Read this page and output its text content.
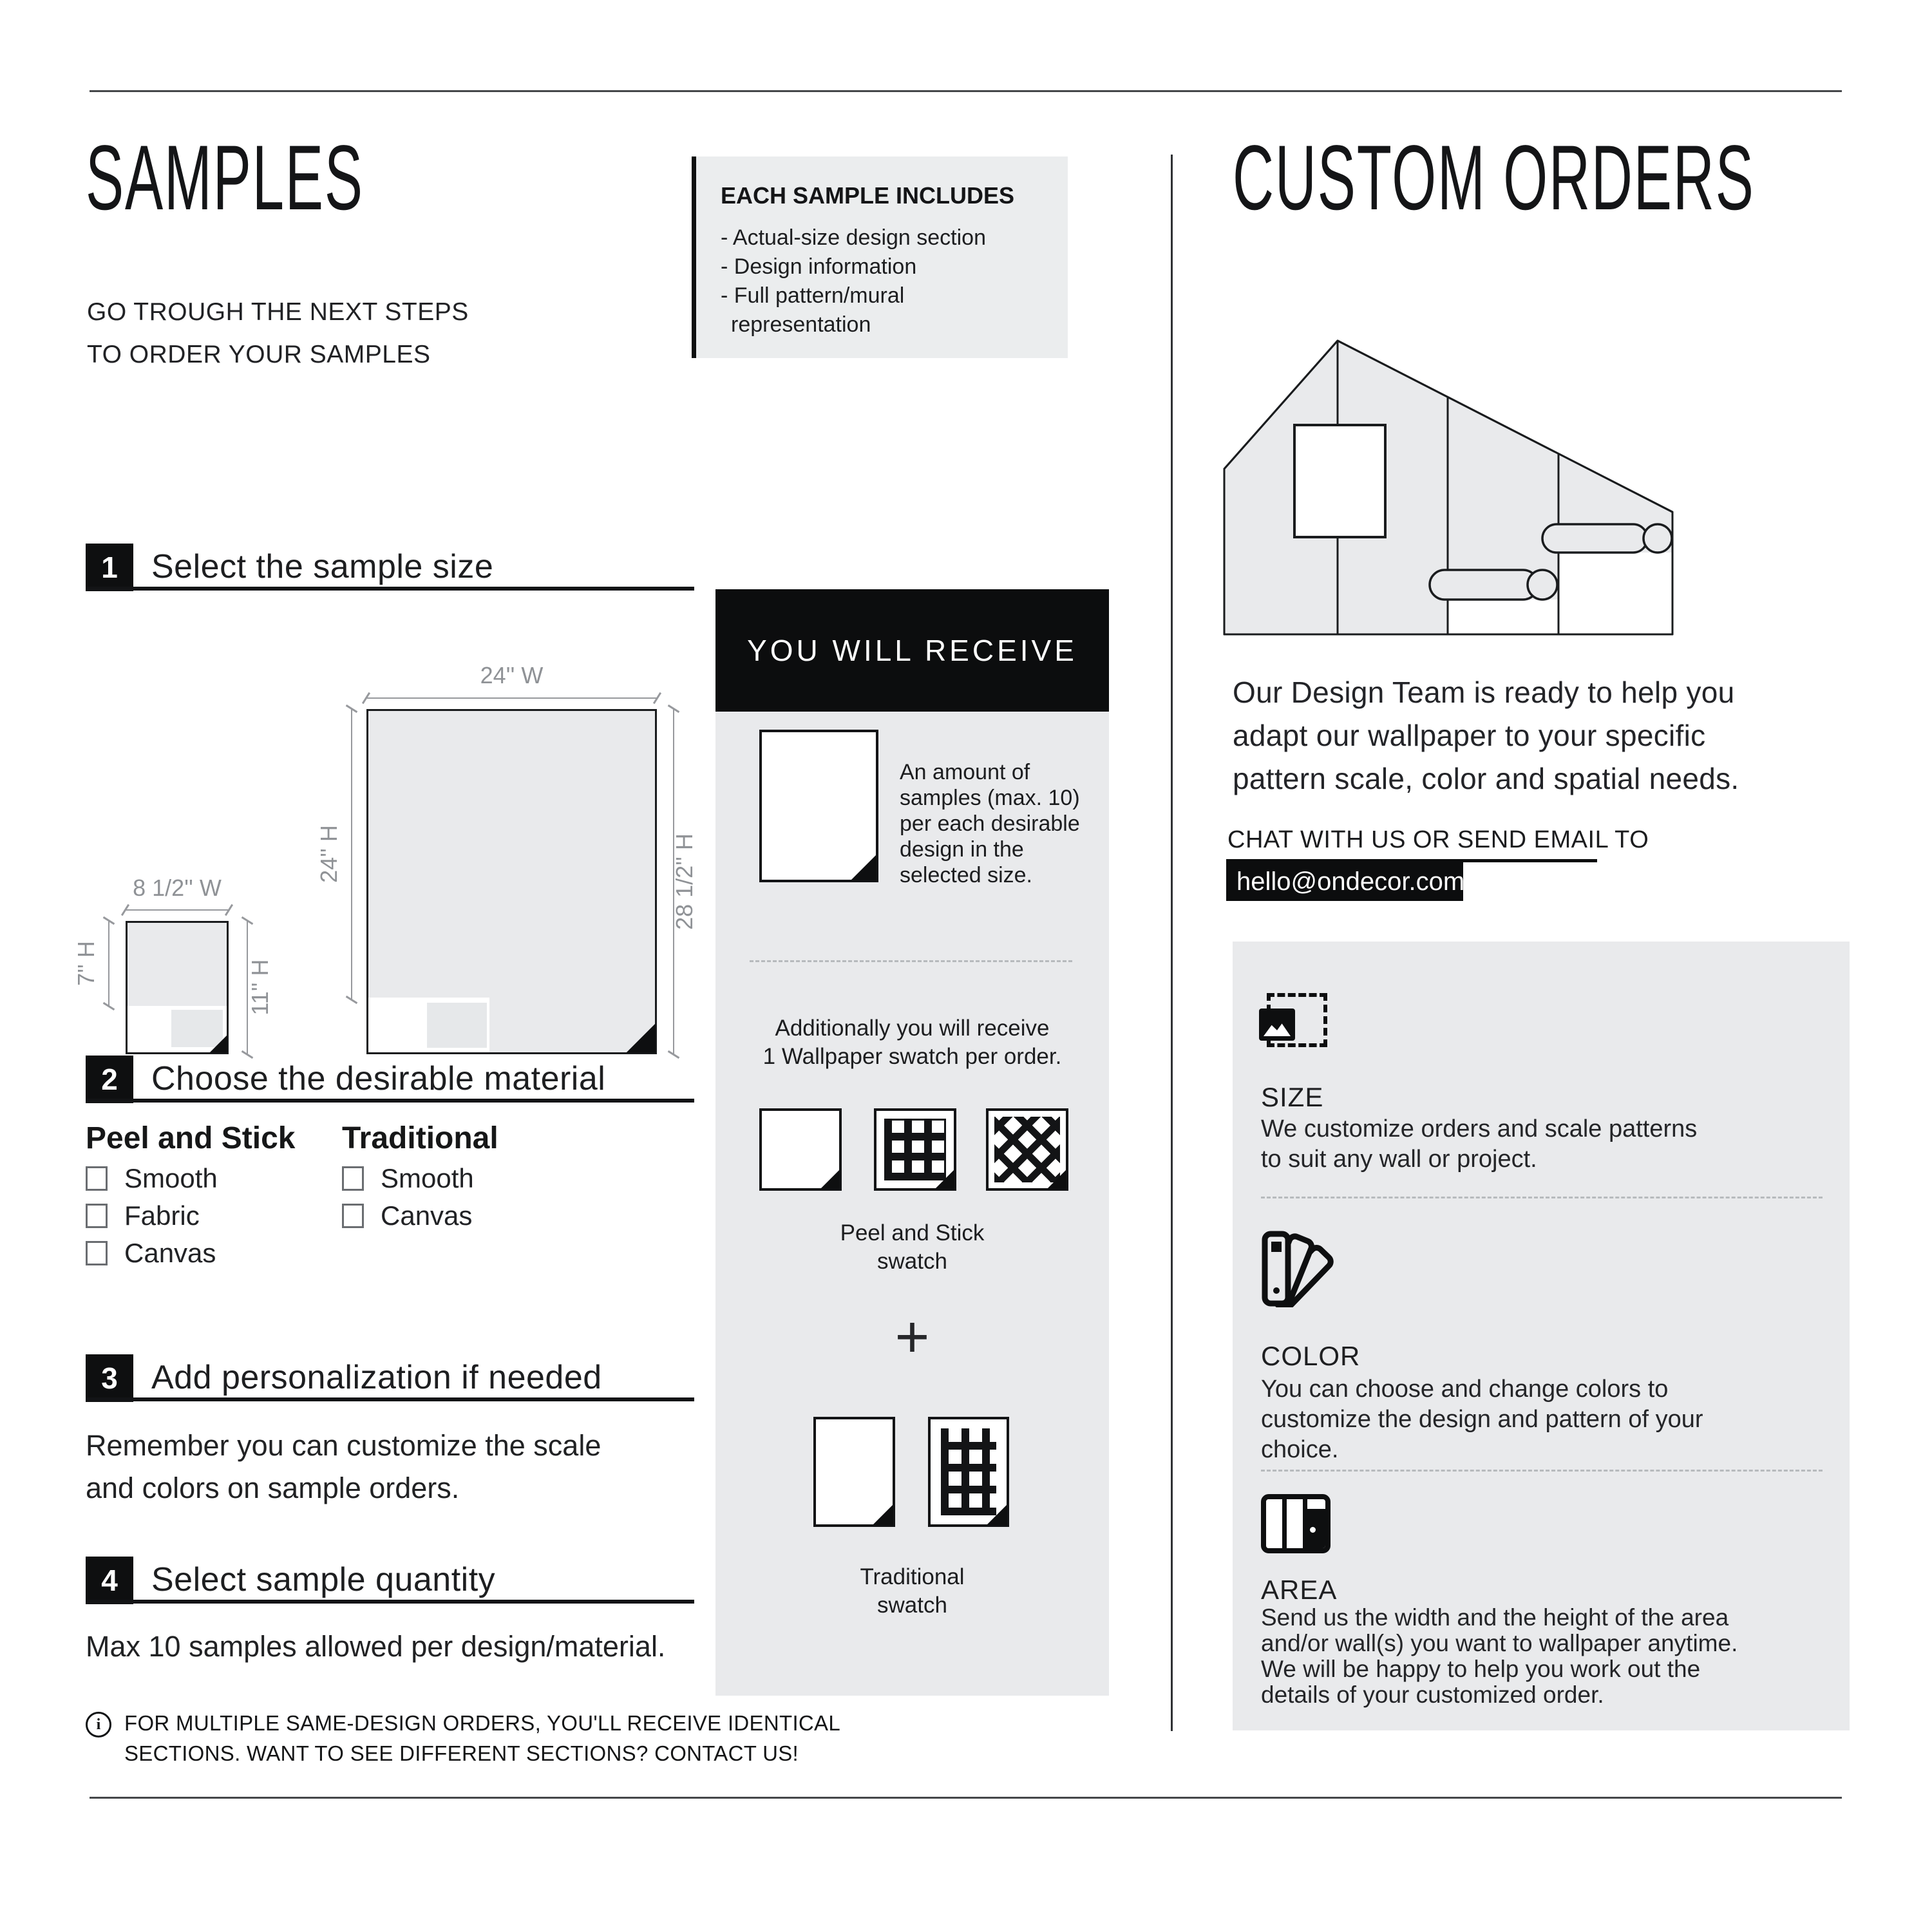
SAMPLES
GO TROUGH THE NEXT STEPS
TO ORDER YOUR SAMPLES
1	Select the sample size
8 1/2'' W
7'' H	11'' H
24'' W
24'' H	28 1/2'' H
2	Choose the desirable material
Peel and Stick
Smooth
Fabric
Canvas
Traditional
Smooth
Canvas
3	Add personalization if needed
Remember you can customize the scale
and colors on sample orders.
4	Select sample quantity
Max 10 samples allowed per design/material.
i	FOR MULTIPLE SAME-DESIGN ORDERS, YOU'LL RECEIVE IDENTICAL
SECTIONS. WANT TO SEE DIFFERENT SECTIONS? CONTACT US!
EACH SAMPLE INCLUDES
- Actual-size design section
- Design information
- Full pattern/mural
representation
YOU WILL RECEIVE
An amount of
samples (max. 10)
per each desirable
design in the
selected size.
Additionally you will receive
1 Wallpaper swatch per order.
Peel and Stick
swatch
+
Traditional
swatch
CUSTOM ORDERS
Our Design Team is ready to help you
adapt our wallpaper to your specific
pattern scale, color and spatial needs.
CHAT WITH US OR SEND EMAIL TO
hello@ondecor.com
SIZE
We customize orders and scale patterns
to suit any wall or project.
COLOR
You can choose and change colors to
customize the design and pattern of your
choice.
AREA
Send us the width and the height of the area
and/or wall(s) you want to wallpaper anytime.
We will be happy to help you work out the
details of your customized order.
